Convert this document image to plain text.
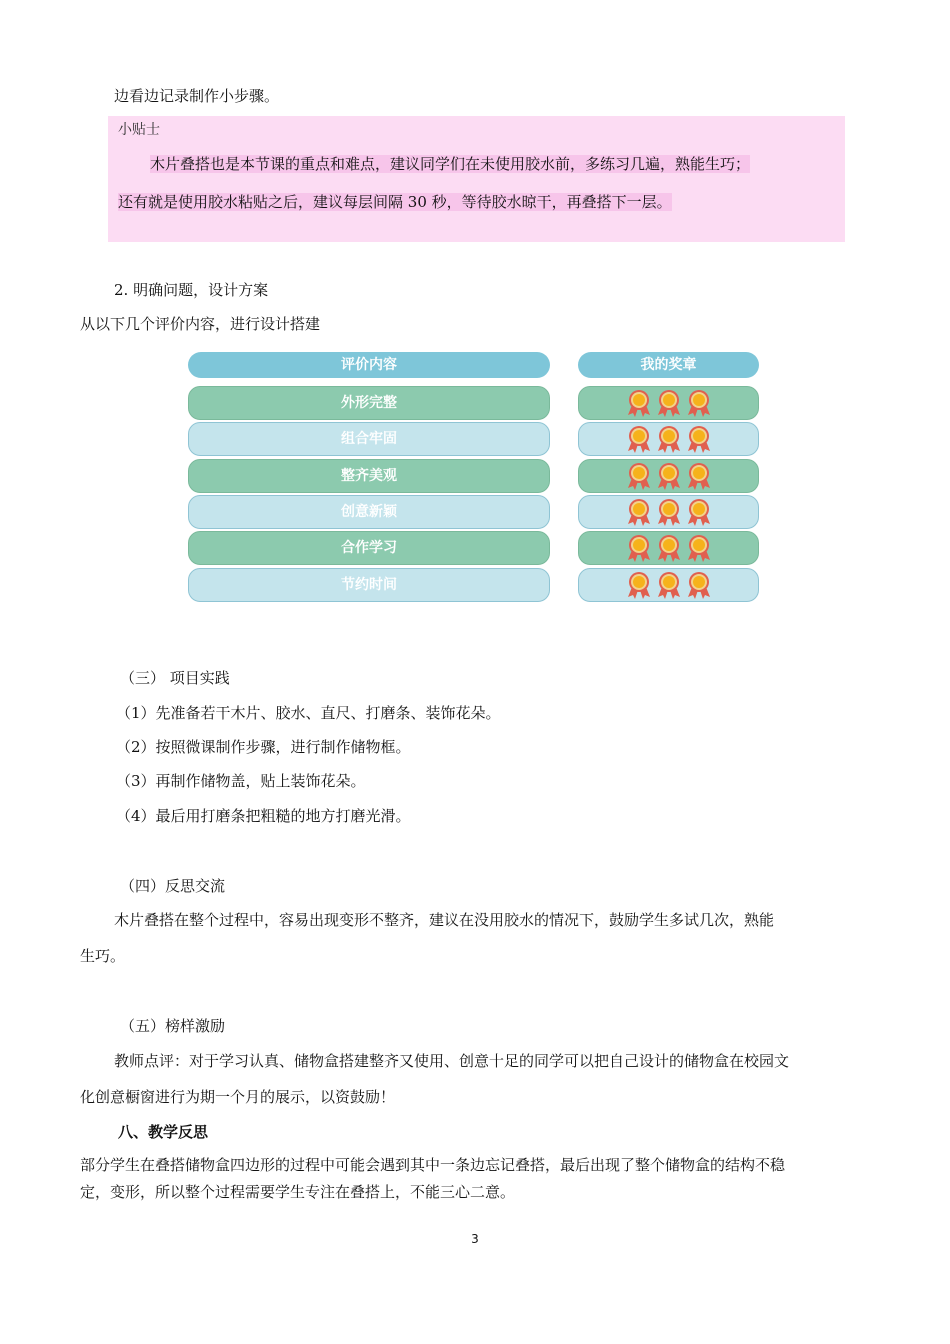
边看边记录制作小步骤。
小贴士
木片叠搭也是本节课的重点和难点，建议同学们在未使用胶水前，多练习几遍，熟能生巧；
还有就是使用胶水粘贴之后，建议每层间隔 30 秒，等待胶水晾干，再叠搭下一层。
2. 明确问题，设计方案
从以下几个评价内容，进行设计搭建
评价内容	我的奖章
外形完整
组合牢固
整齐美观
创意新颖
合作学习
节约时间
（三） 项目实践
（1）先准备若干木片、胶水、直尺、打磨条、装饰花朵。
（2）按照微课制作步骤，进行制作储物框。
（3）再制作储物盖，贴上装饰花朵。
（4）最后用打磨条把粗糙的地方打磨光滑。
（四）反思交流
木片叠搭在整个过程中，容易出现变形不整齐，建议在没用胶水的情况下，鼓励学生多试几次，熟能
生巧。
（五）榜样激励
教师点评：对于学习认真、储物盒搭建整齐又使用、创意十足的同学可以把自己设计的储物盒在校园文
化创意橱窗进行为期一个月的展示，以资鼓励！
八、教学反思
部分学生在叠搭储物盒四边形的过程中可能会遇到其中一条边忘记叠搭，最后出现了整个储物盒的结构不稳
定，变形，所以整个过程需要学生专注在叠搭上，不能三心二意。
3
